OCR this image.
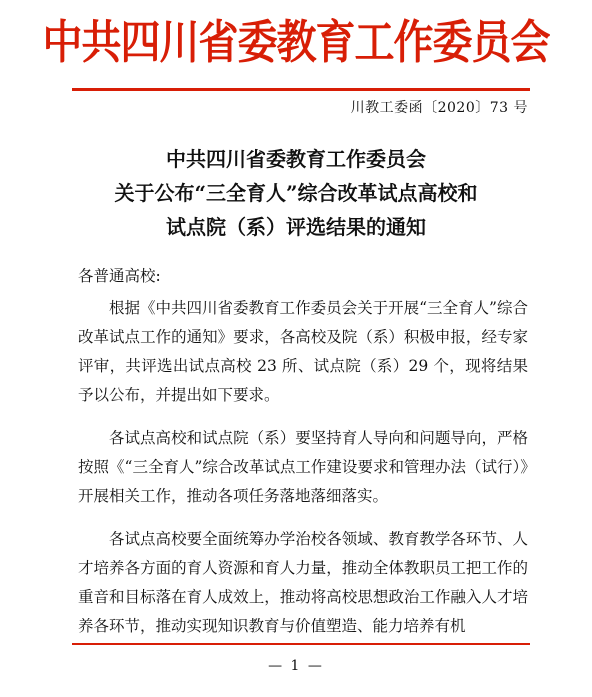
中共四川省委教育工作委员会
川教工委函〔2020〕73 号
中共四川省委教育工作委员会
关于公布“三全育人”综合改革试点高校和
试点院（系）评选结果的通知

各普通高校:

根据《中共四川省委教育工作委员会关于开展“三全育人”综合改革试点工作的通知》要求，各高校及院（系）积极申报，经专家评审，共评选出试点高校 23 所、试点院（系）29 个，现将结果予以公布，并提出如下要求。

各试点高校和试点院（系）要坚持育人导向和问题导向，严格按照《“三全育人”综合改革试点工作建设要求和管理办法（试行）》开展相关工作，推动各项任务落地落细落实。

各试点高校要全面统筹办学治校各领域、教育教学各环节、人才培养各方面的育人资源和育人力量，推动全体教职员工把工作的重音和目标落在育人成效上，推动将高校思想政治工作融入人才培养各环节，推动实现知识教育与价值塑造、能力培养有机

— 1 —
